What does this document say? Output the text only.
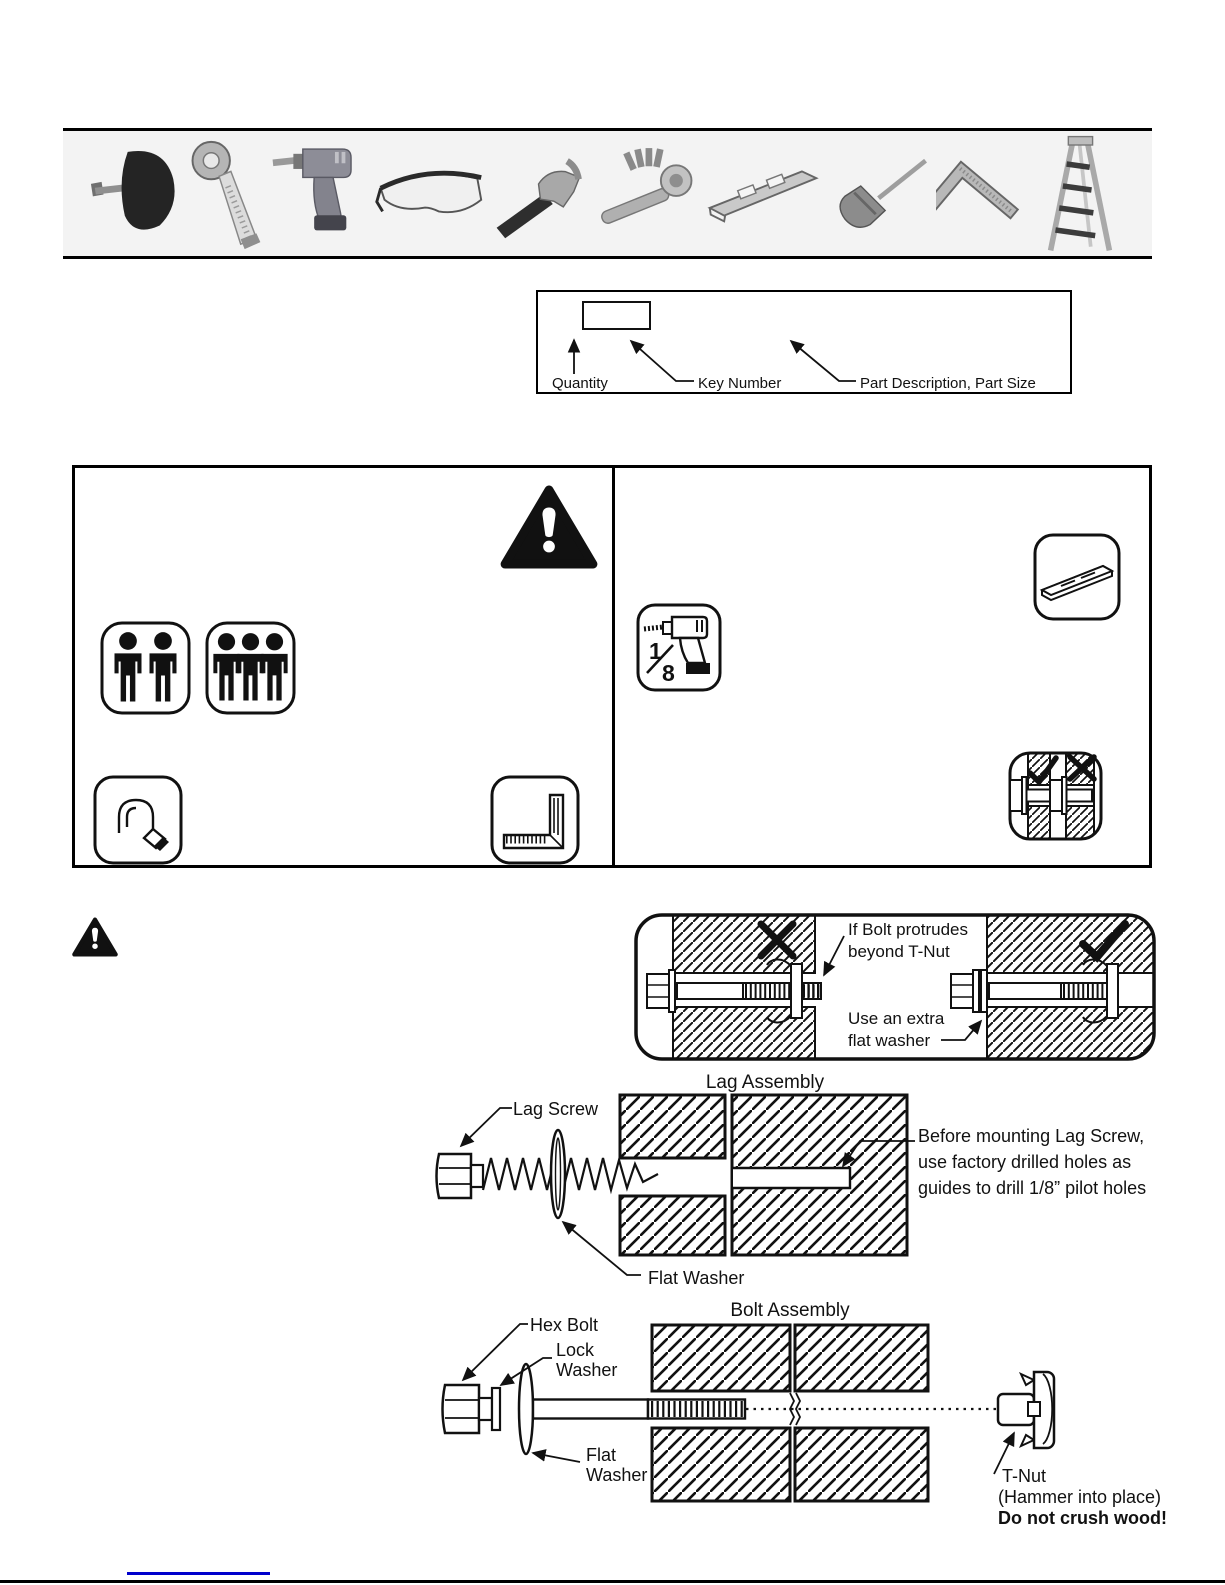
Quantity	Key Number	Part Description, Part Size
1
8
If Bolt protrudes
beyond T-Nut
Use an extra
flat washer
Lag Assembly
Lag Screw
Flat Washer
Before mounting Lag Screw,
use factory drilled holes as
guides to drill 1/8” pilot holes
Bolt Assembly
Hex Bolt
Lock
Washer
Flat
Washer	T-Nut
(Hammer into place)
Do not crush wood!
